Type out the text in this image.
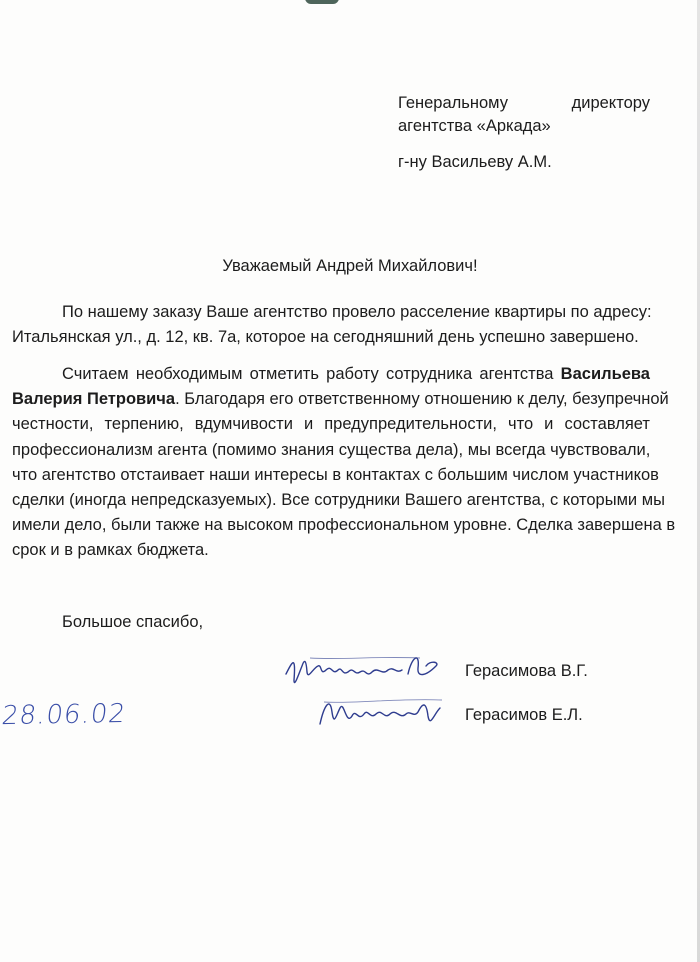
Генеральному	директору
агентства «Аркада»
г-ну Васильеву А.М.
Уважаемый Андрей Михайлович!
По нашему заказу Ваше агентство провело расселение квартиры по адресу:
Итальянская ул., д. 12, кв. 7а, которое на сегодняшний день успешно завершено.
Считаем необходимым отметить работу сотрудника агентства Васильева
Валерия Петровича. Благодаря его ответственному отношению к делу, безупречной
честности, терпению, вдумчивости и предупредительности, что и составляет
профессионализм агента (помимо знания существа дела), мы всегда чувствовали,
что агентство отстаивает наши интересы в контактах с большим числом участников
сделки (иногда непредсказуемых). Все сотрудники Вашего агентства, с которыми мы
имели дело, были также на высоком профессиональном уровне. Сделка завершена в
срок и в рамках бюджета.
Большое спасибо,
Герасимова В.Г.
Герасимов Е.Л.
28.06.02
